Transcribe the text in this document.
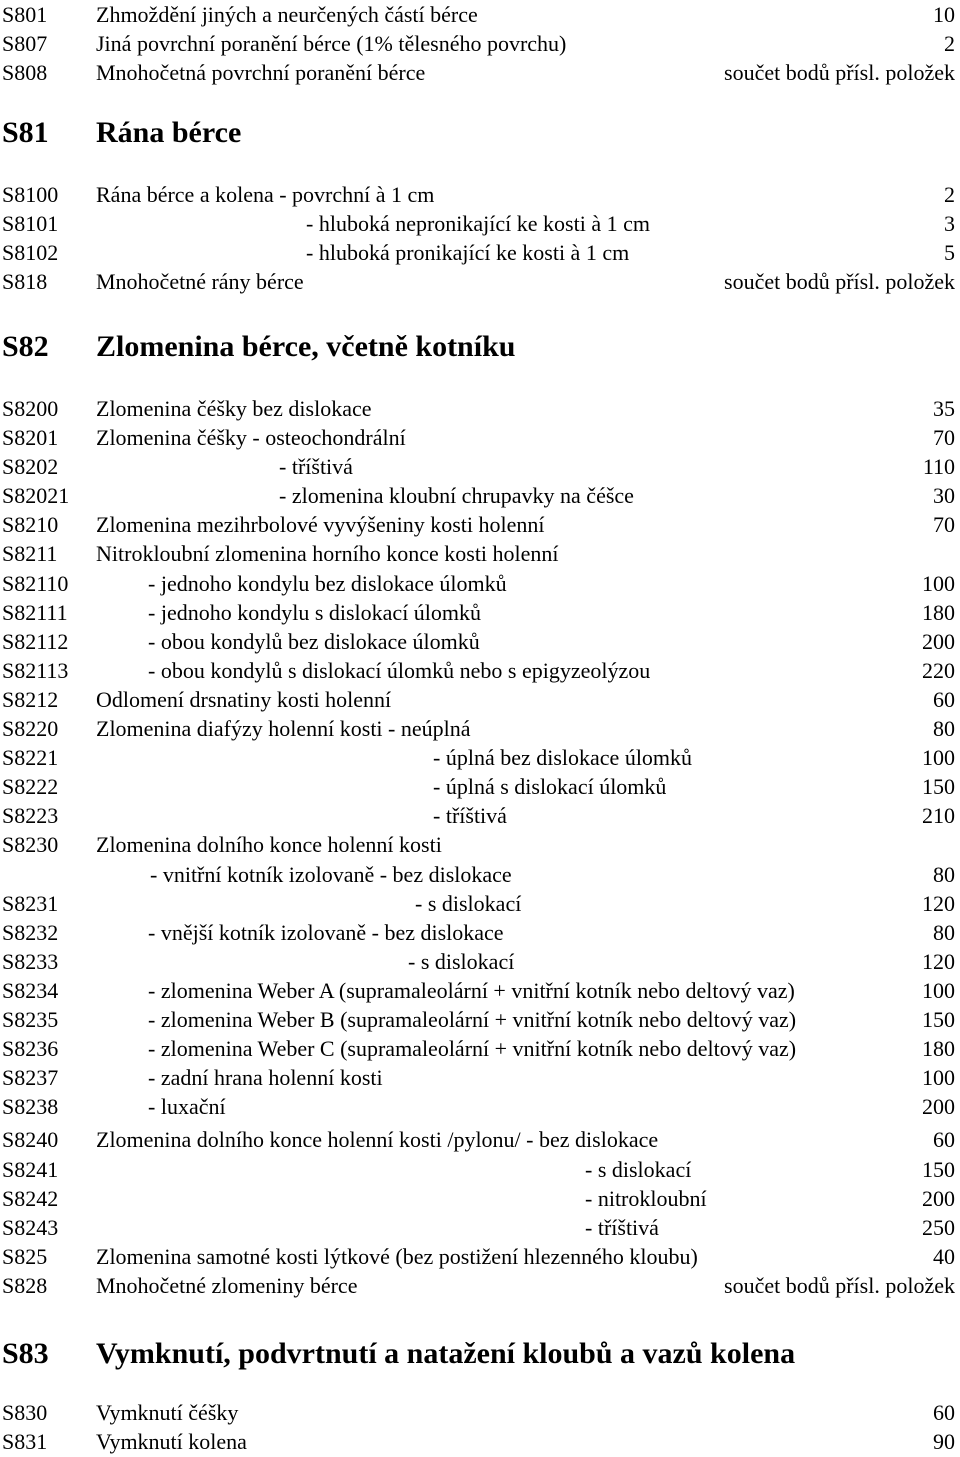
S801 Zhmoždění jiných a neurčených částí bérce	10
S807 Jiná povrchní poranění bérce (1% tělesného povrchu)	2
S808 Mnohočetná povrchní poranění bérce	součet bodů přísl. položek
S81 Rána bérce
S8100 Rána bérce a kolena - povrchní à 1 cm	2
S8101	- hluboká nepronikající ke kosti à 1 cm	3
S8102	- hluboká pronikající ke kosti à 1 cm	5
S818 Mnohočetné rány bérce	součet bodů přísl. položek
S82 Zlomenina bérce, včetně kotníku
S8200 Zlomenina čéšky bez dislokace	35
S8201 Zlomenina čéšky - osteochondrální	70
S8202	- tříštivá	110
S82021	- zlomenina kloubní chrupavky na čéšce	30
S8210 Zlomenina mezihrbolové vyvýšeniny kosti holenní	70
S8211 Nitrokloubní zlomenina horního konce kosti holenní
S82110	- jednoho kondylu bez dislokace úlomků	100
S82111	- jednoho kondylu s dislokací úlomků	180
S82112	- obou kondylů bez dislokace úlomků	200
S82113	- obou kondylů s dislokací úlomků nebo s epigyzeolýzou	220
S8212 Odlomení drsnatiny kosti holenní	60
S8220 Zlomenina diafýzy holenní kosti - neúplná	80
S8221	- úplná bez dislokace úlomků	100
S8222	- úplná s dislokací úlomků	150
S8223	- tříštivá	210
S8230 Zlomenina dolního konce holenní kosti
- vnitřní kotník izolovaně - bez dislokace	80
S8231	- s dislokací	120
S8232	- vnější kotník izolovaně - bez dislokace	80
S8233	- s dislokací	120
S8234	- zlomenina Weber A (supramaleolární + vnitřní kotník nebo deltový vaz)	100
S8235	- zlomenina Weber B (supramaleolární + vnitřní kotník nebo deltový vaz)	150
S8236	- zlomenina Weber C (supramaleolární + vnitřní kotník nebo deltový vaz)	180
S8237	- zadní hrana holenní kosti	100
S8238	- luxační	200
S8240 Zlomenina dolního konce holenní kosti /pylonu/ - bez dislokace	60
S8241	- s dislokací	150
S8242	- nitrokloubní	200
S8243	- tříštivá	250
S825 Zlomenina samotné kosti lýtkové (bez postižení hlezenného kloubu)	40
S828 Mnohočetné zlomeniny bérce	součet bodů přísl. položek
S83 Vymknutí, podvrtnutí a natažení kloubů a vazů kolena
S830 Vymknutí čéšky	60
S831 Vymknutí kolena	90
